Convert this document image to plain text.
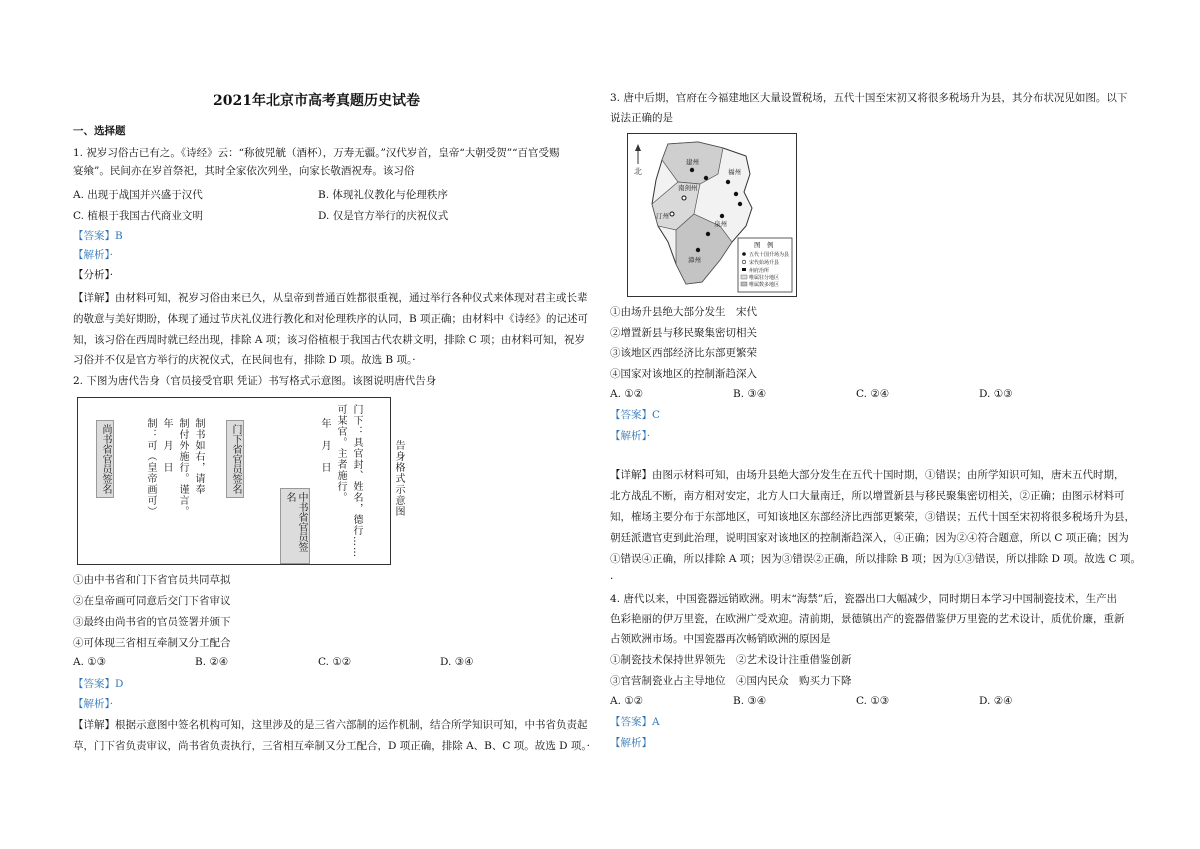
2021年北京市高考真题历史试卷
一、选择题
1. 祝岁习俗古已有之。《诗经》云：“称彼兕觥（酒杯），万寿无疆。”汉代岁首，皇帝“大朝受贺”“百官受赐
宴飨”。民间亦在岁首祭祀，其时全家依次列坐，向家长敬酒祝寿。该习俗
A. 出现于战国并兴盛于汉代	B. 体现礼仪教化与伦理秩序
C. 植根于我国古代商业文明	D. 仅是官方举行的庆祝仪式
【答案】B
【解析】·
【分析】·
【详解】由材料可知，祝岁习俗由来已久，从皇帝到普通百姓都很重视，通过举行各种仪式来体现对君主或长辈
的敬意与美好期盼，体现了通过节庆礼仪进行教化和对伦理秩序的认同，B 项正确；由材料中《诗经》的记述可
知，该习俗在西周时就已经出现，排除 A 项；该习俗植根于我国古代农耕文明，排除 C 项；由材料可知，祝岁
习俗并不仅是官方举行的庆祝仪式，在民间也有，排除 D 项。故选 B 项。·
2. 下图为唐代告身（官员接受官职 凭证）书写格式示意图。该图说明唐代告身
门下：具官封、姓名，德行……
可某官。主者施行。
年　月　日
中书省官员签名
门下省官员签名
制书如右，请奉
制付外施行。谨言。
年　月　日
制：可（皇帝画可）
尚书省官员签名	告身格式示意图
①由中书省和门下省官员共同草拟
②在皇帝画可同意后交门下省审议
③最终由尚书省的官员签署并颁下
④可体现三省相互牵制又分工配合
A. ①③	B. ②④	C. ①②	D. ③④
【答案】D
【解析】·
【详解】根据示意图中签名机构可知，这里涉及的是三省六部制的运作机制，结合所学知识可知，中书省负责起
草，门下省负责审议，尚书省负责执行，三省相互牵制又分工配合，D 项正确，排除 A、B、C 项。故选 D 项。·
3. 唐中后期，官府在今福建地区大量设置税场，五代十国至宋初又将很多税场升为县，其分布状况见如图。以下
说法正确的是
北
建州
福州
泉州
漳州
汀州
南剑州
图　例
五代十国升场为县
宋代始场升县
州府治所
唯属驻分地区
唯属数多地区
①由场升县绝大部分发生　宋代
②增置新县与移民聚集密切相关
③该地区西部经济比东部更繁荣
④国家对该地区的控制渐趋深入
A. ①②	B. ③④	C. ②④	D. ①③
【答案】C
【解析】·
【详解】由图示材料可知，由场升县绝大部分发生在五代十国时期，①错误；由所学知识可知，唐末五代时期，
北方战乱不断，南方相对安定，北方人口大量南迁，所以增置新县与移民聚集密切相关，②正确；由图示材料可
知，榷场主要分布于东部地区，可知该地区东部经济比西部更繁荣，③错误；五代十国至宋初将很多税场升为县，
朝廷派遣官吏到此治理，说明国家对该地区的控制渐趋深入，④正确；因为②④符合题意，所以 C 项正确；因为
①错误④正确，所以排除 A 项；因为③错误②正确，所以排除 B 项；因为①③错误，所以排除 D 项。故选 C 项。
·
4. 唐代以来，中国瓷器远销欧洲。明末“海禁”后，瓷器出口大幅减少，同时期日本学习中国制瓷技术，生产出
色彩艳丽的伊万里瓷，在欧洲广受欢迎。清前期，景德镇出产的瓷器借鉴伊万里瓷的艺术设计，质优价廉，重新
占领欧洲市场。中国瓷器再次畅销欧洲的原因是
①制瓷技术保持世界领先　②艺术设计注重借鉴创新
③官营制瓷业占主导地位　④国内民众　购买力下降
A. ①②	B. ③④	C. ①③	D. ②④
【答案】A
【解析】
